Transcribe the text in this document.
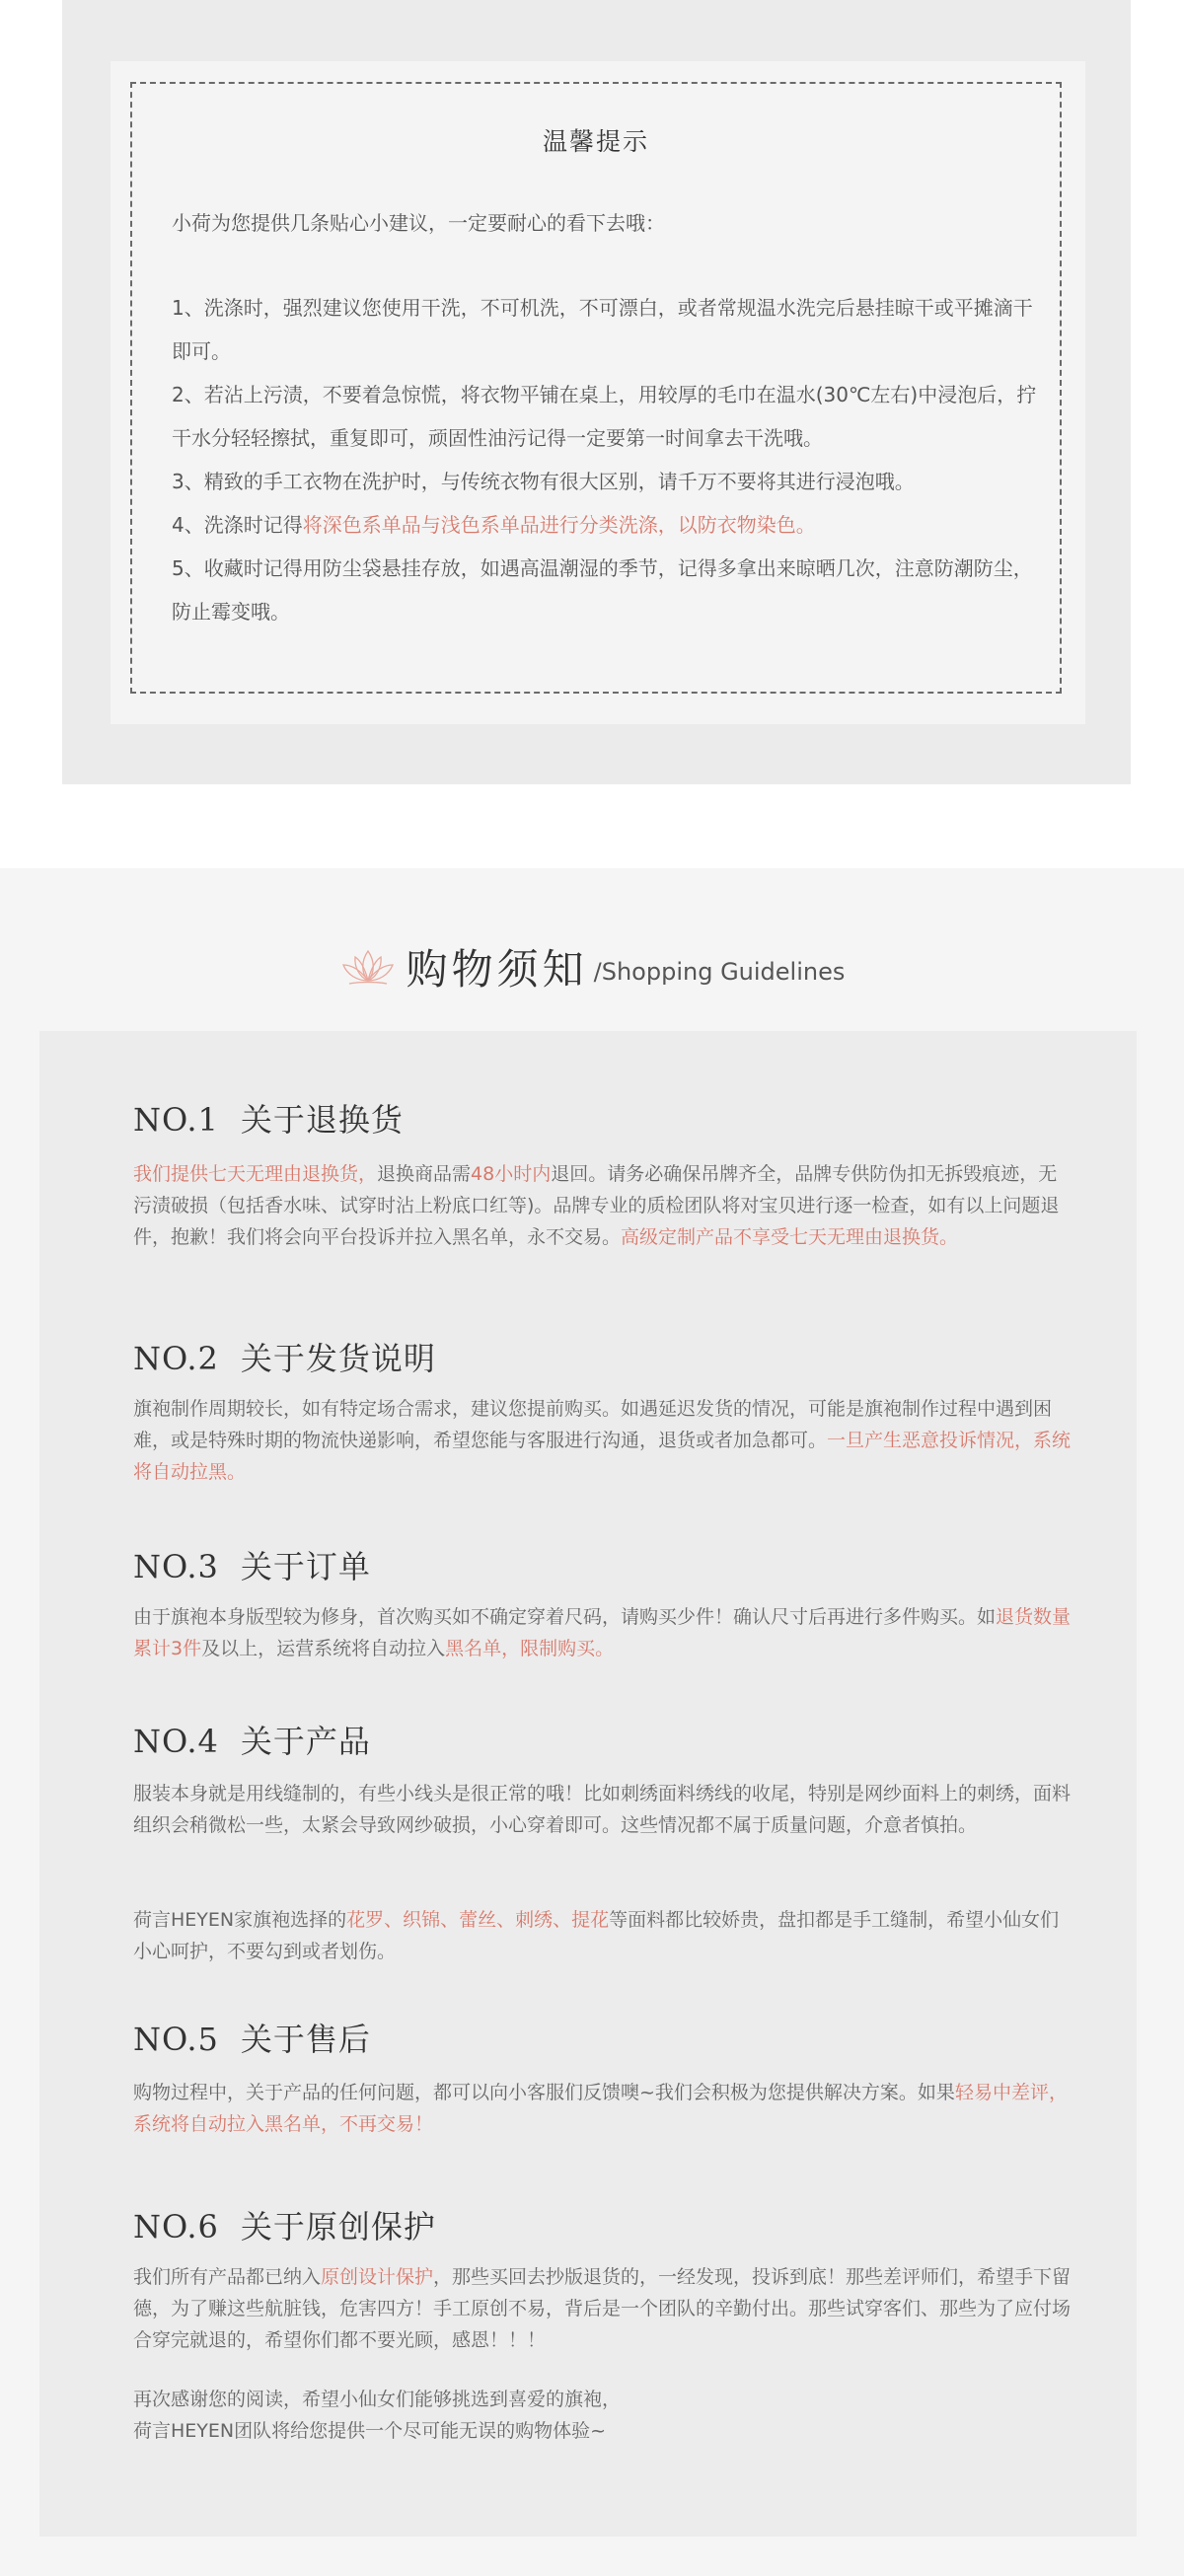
温馨提示
小荷为您提供几条贴心小建议，一定要耐心的看下去哦：
1、洗涤时，强烈建议您使用干洗，不可机洗，不可漂白，或者常规温水洗完后悬挂晾干或平摊滴干即可。
2、若沾上污渍，不要着急惊慌，将衣物平铺在桌上，用较厚的毛巾在温水(30℃左右)中浸泡后，拧干水分轻轻擦拭，重复即可，顽固性油污记得一定要第一时间拿去干洗哦。
3、精致的手工衣物在洗护时，与传统衣物有很大区别，请千万不要将其进行浸泡哦。
4、洗涤时记得将深色系单品与浅色系单品进行分类洗涤，以防衣物染色。
5、收藏时记得用防尘袋悬挂存放，如遇高温潮湿的季节，记得多拿出来晾晒几次，注意防潮防尘，防止霉变哦。
购物须知 /Shopping Guidelines
NO.1 关于退换货

我们提供七天无理由退换货，退换商品需48小时内退回。请务必确保吊牌齐全，品牌专供防伪扣无拆毁痕迹，无污渍破损（包括香水味、试穿时沾上粉底口红等)。品牌专业的质检团队将对宝贝进行逐一检查，如有以上问题退件，抱歉！我们将会向平台投诉并拉入黑名单，永不交易。高级定制产品不享受七天无理由退换货。

NO.2 关于发货说明

旗袍制作周期较长，如有特定场合需求，建议您提前购买。如遇延迟发货的情况，可能是旗袍制作过程中遇到困难，或是特殊时期的物流快递影响，希望您能与客服进行沟通，退货或者加急都可。一旦产生恶意投诉情况，系统将自动拉黑。

NO.3 关于订单

由于旗袍本身版型较为修身，首次购买如不确定穿着尺码，请购买少件！确认尺寸后再进行多件购买。如退货数量累计3件及以上，运营系统将自动拉入黑名单，限制购买。

NO.4 关于产品

服装本身就是用线缝制的，有些小线头是很正常的哦！比如刺绣面料绣线的收尾，特别是网纱面料上的刺绣，面料组织会稍微松一些，太紧会导致网纱破损，小心穿着即可。这些情况都不属于质量问题，介意者慎拍。

荷言HEYEN家旗袍选择的花罗、织锦、蕾丝、刺绣、提花等面料都比较娇贵，盘扣都是手工缝制，希望小仙女们小心呵护，不要勾到或者划伤。

NO.5 关于售后

购物过程中，关于产品的任何问题，都可以向小客服们反馈噢~我们会积极为您提供解决方案。如果轻易中差评，系统将自动拉入黑名单，不再交易！

NO.6 关于原创保护

我们所有产品都已纳入原创设计保护，那些买回去抄版退货的，一经发现，投诉到底！那些差评师们，希望手下留德，为了赚这些航脏钱，危害四方！手工原创不易，背后是一个团队的辛勤付出。那些试穿客们、那些为了应付场合穿完就退的，希望你们都不要光顾，感恩！！！

再次感谢您的阅读，希望小仙女们能够挑选到喜爱的旗袍，
荷言HEYEN团队将给您提供一个尽可能无误的购物体验~
